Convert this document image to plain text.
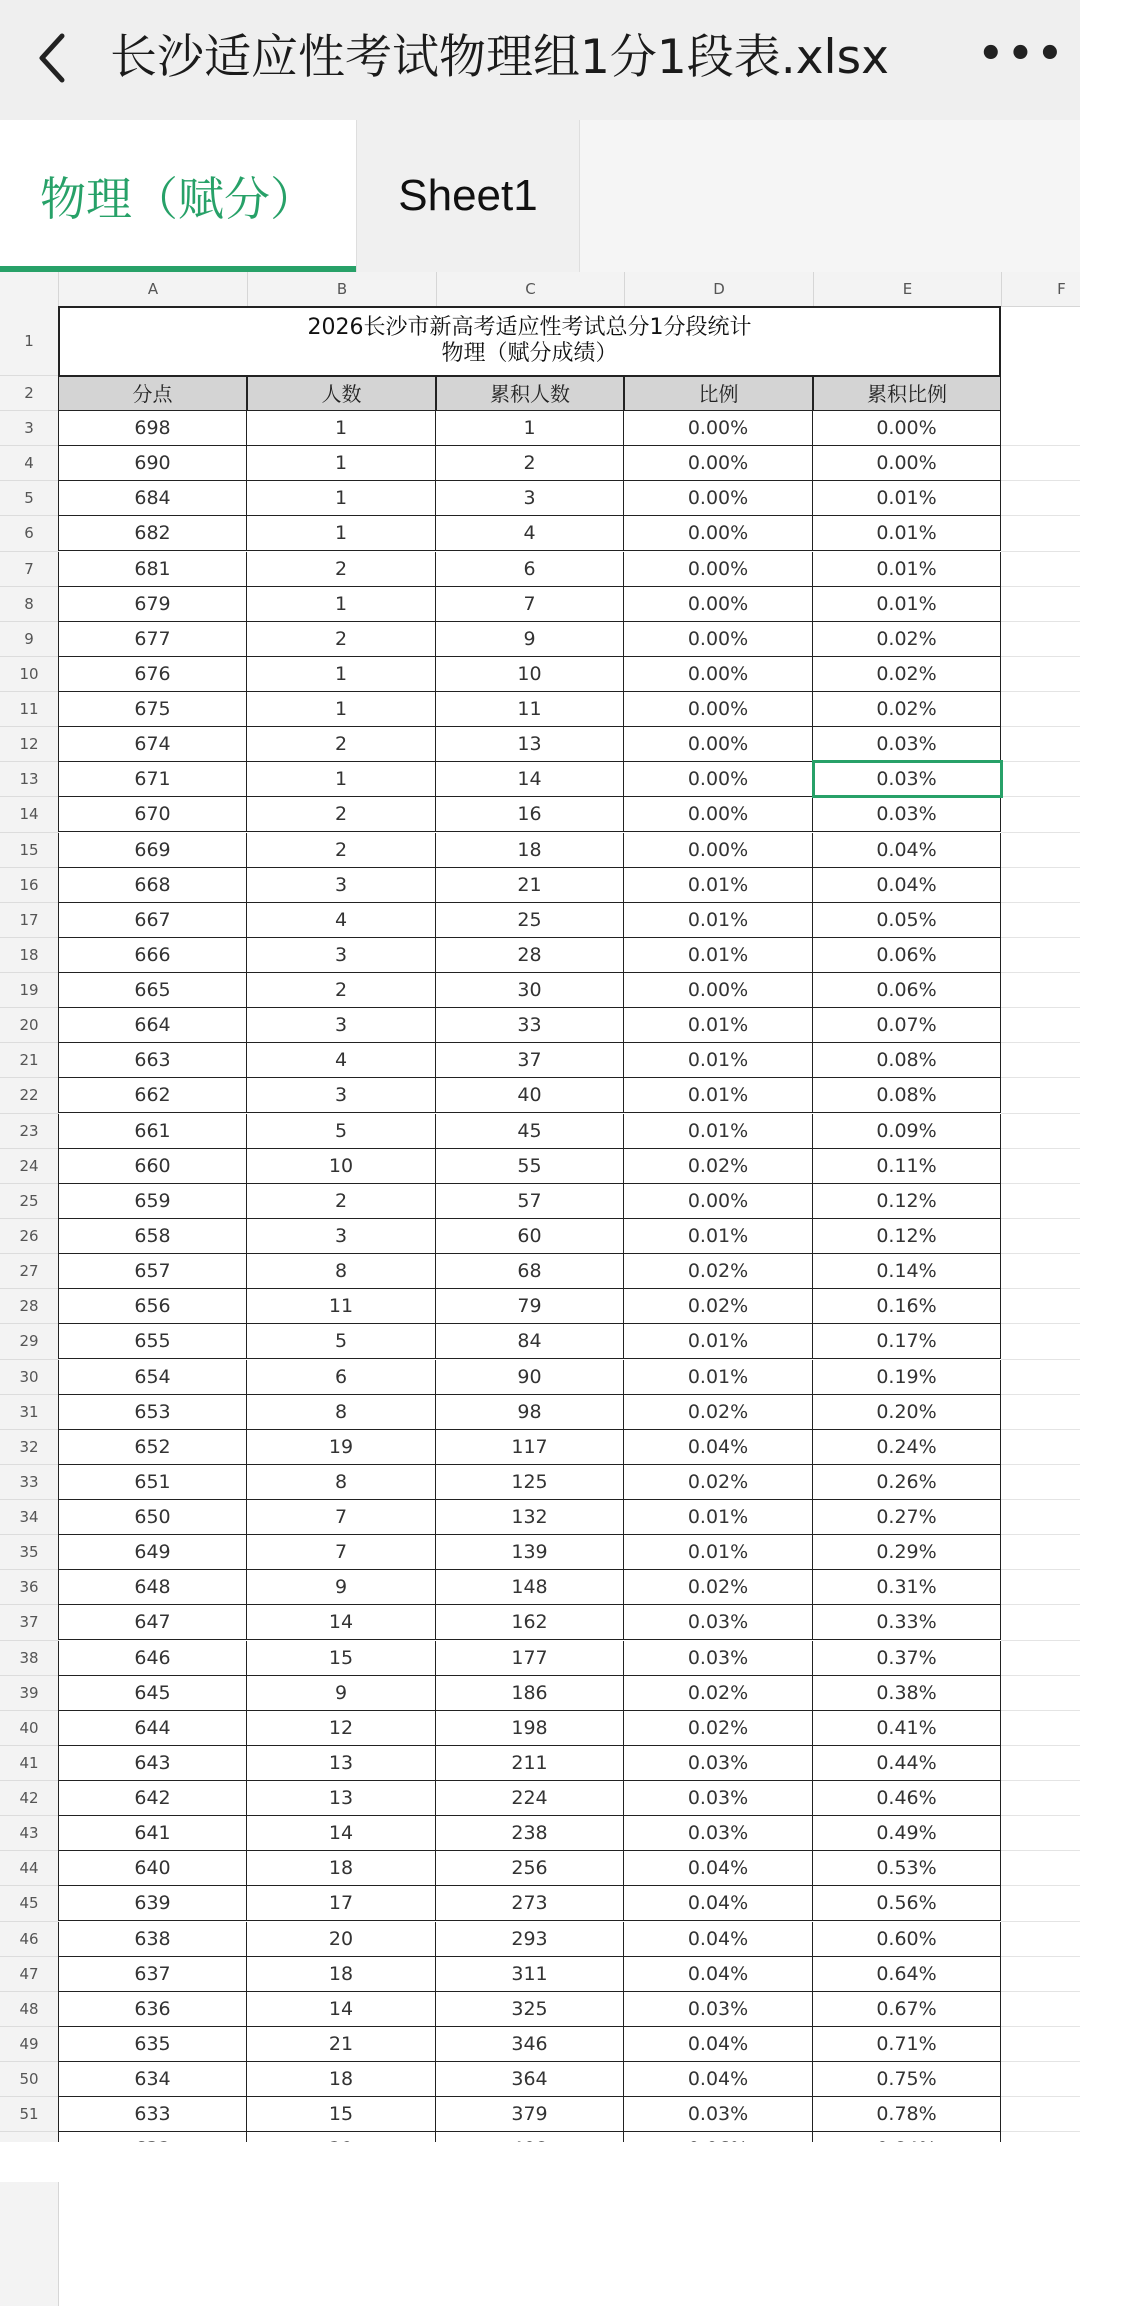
长沙适应性考试物理组1分1段表.xlsx •••
物理（赋分） Sheet1
A	B	C	D	E	F
1
2
3
4
5
6
7
8
9
10
11
12
13
14
15
16
17
18
19
20
21
22
23
24
25
26
27
28
29
30
31
32
33
34
35
36
37
38
39
40
41
42
43
44
45
46
47
48
49
50
51
2026长沙市新高考适应性考试总分1分段统计
物理（赋分成绩）
分点	人数	累积人数	比例	累积比例
698	1	1	0.00%	0.00%
690	1	2	0.00%	0.00%
684	1	3	0.00%	0.01%
682	1	4	0.00%	0.01%
681	2	6	0.00%	0.01%
679	1	7	0.00%	0.01%
677	2	9	0.00%	0.02%
676	1	10	0.00%	0.02%
675	1	11	0.00%	0.02%
674	2	13	0.00%	0.03%
671	1	14	0.00%	0.03%
670	2	16	0.00%	0.03%
669	2	18	0.00%	0.04%
668	3	21	0.01%	0.04%
667	4	25	0.01%	0.05%
666	3	28	0.01%	0.06%
665	2	30	0.00%	0.06%
664	3	33	0.01%	0.07%
663	4	37	0.01%	0.08%
662	3	40	0.01%	0.08%
661	5	45	0.01%	0.09%
660	10	55	0.02%	0.11%
659	2	57	0.00%	0.12%
658	3	60	0.01%	0.12%
657	8	68	0.02%	0.14%
656	11	79	0.02%	0.16%
655	5	84	0.01%	0.17%
654	6	90	0.01%	0.19%
653	8	98	0.02%	0.20%
652	19	117	0.04%	0.24%
651	8	125	0.02%	0.26%
650	7	132	0.01%	0.27%
649	7	139	0.01%	0.29%
648	9	148	0.02%	0.31%
647	14	162	0.03%	0.33%
646	15	177	0.03%	0.37%
645	9	186	0.02%	0.38%
644	12	198	0.02%	0.41%
643	13	211	0.03%	0.44%
642	13	224	0.03%	0.46%
641	14	238	0.03%	0.49%
640	18	256	0.04%	0.53%
639	17	273	0.04%	0.56%
638	20	293	0.04%	0.60%
637	18	311	0.04%	0.64%
636	14	325	0.03%	0.67%
635	21	346	0.04%	0.71%
634	18	364	0.04%	0.75%
633	15	379	0.03%	0.78%
